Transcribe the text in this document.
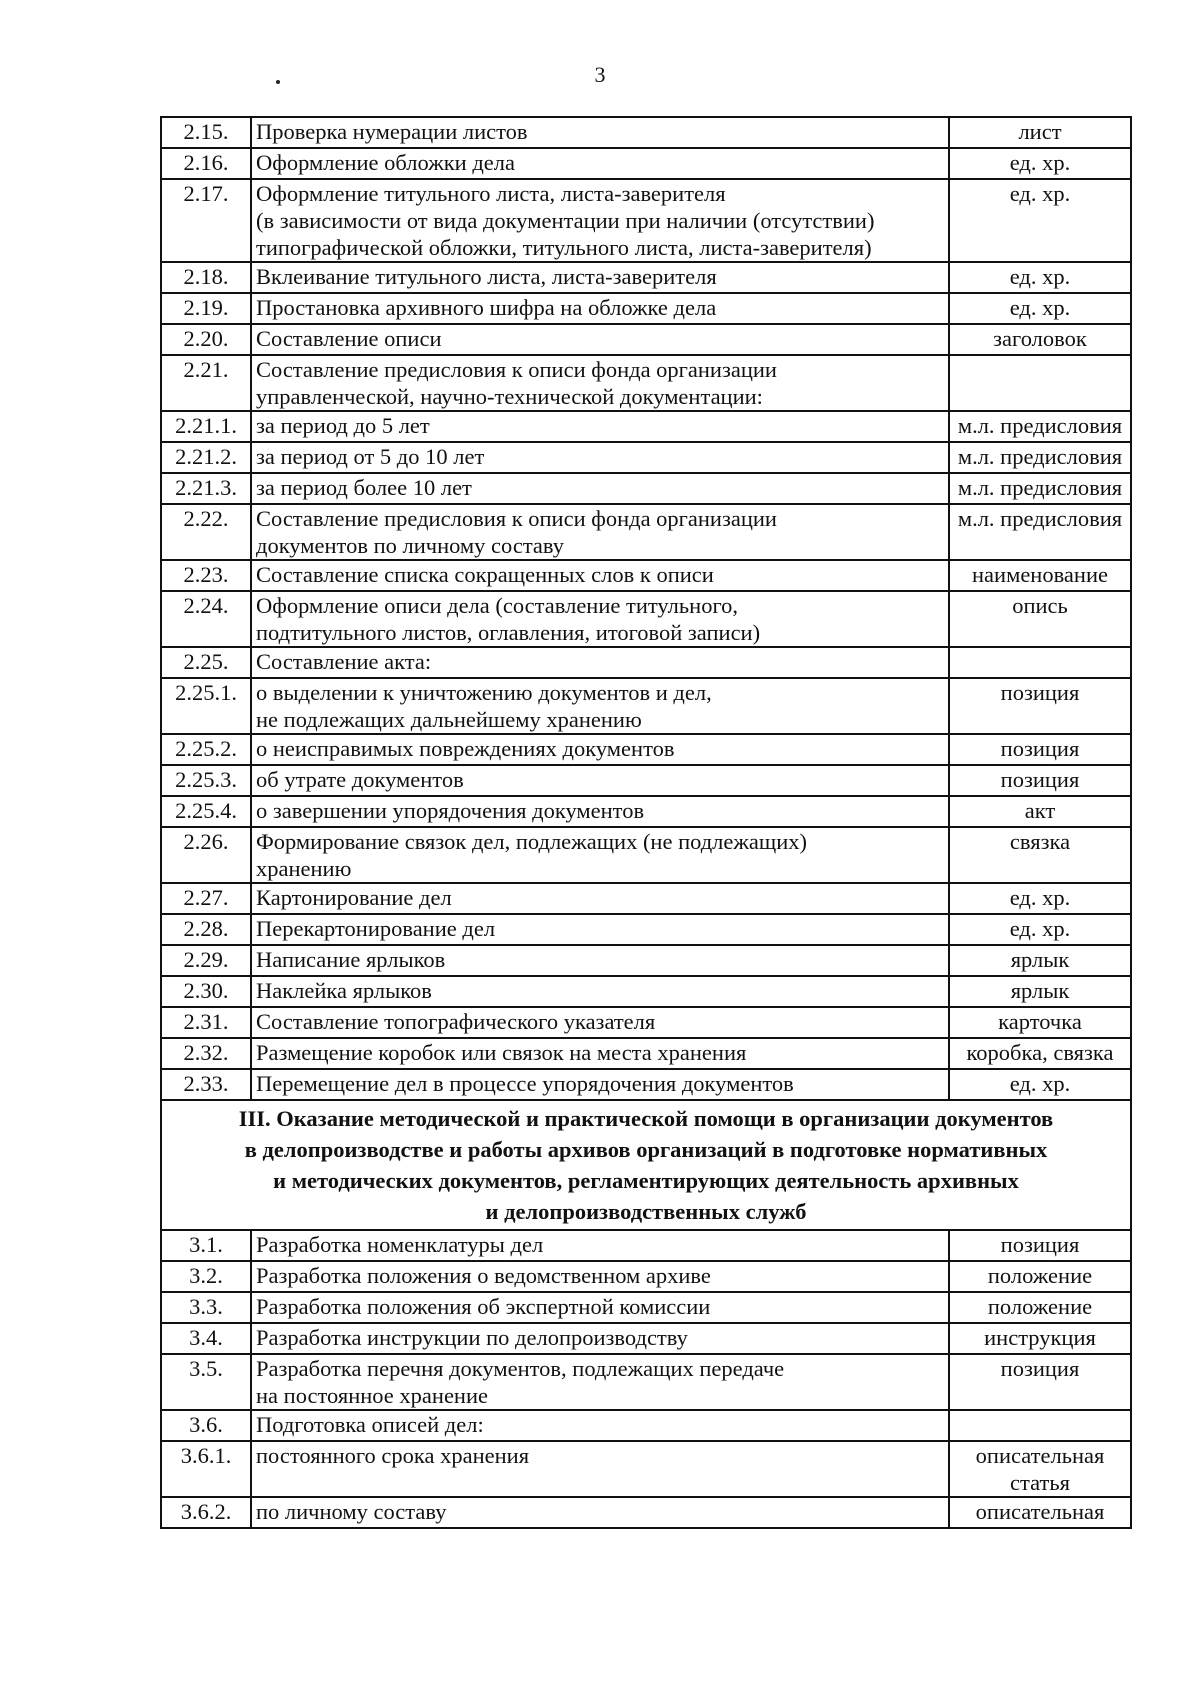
3
2.15.	Проверка нумерации листов	лист
2.16.	Оформление обложки дела	ед. хр.
2.17.	Оформление титульного листа, листа-заверителя
(в зависимости от вида документации при наличии (отсутствии)
типографической обложки, титульного листа, листа-заверителя)	ед. хр.
2.18.	Вклеивание титульного листа, листа-заверителя	ед. хр.
2.19.	Простановка архивного шифра на обложке дела	ед. хр.
2.20.	Составление описи	заголовок
2.21.	Составление предисловия к описи фонда организации
управленческой, научно-технической документации:	

2.21.1.	за период до 5 лет	м.л. предисловия
2.21.2.	за период от 5 до 10 лет	м.л. предисловия
2.21.3.	за период более 10 лет	м.л. предисловия
2.22.	Составление предисловия к описи фонда организации
документов по личному составу	м.л. предисловия
2.23.	Составление списка сокращенных слов к описи	наименование
2.24.	Оформление описи дела (составление титульного,
подтитульного листов, оглавления, итоговой записи)	опись
2.25.	Составление акта:	

2.25.1.	о выделении к уничтожению документов и дел,
не подлежащих дальнейшему хранению	позиция
2.25.2.	о неисправимых повреждениях документов	позиция
2.25.3.	об утрате документов	позиция
2.25.4.	о завершении упорядочения документов	акт
2.26.	Формирование связок дел, подлежащих (не подлежащих)
хранению	связка
2.27.	Картонирование дел	ед. хр.
2.28.	Перекартонирование дел	ед. хр.
2.29.	Написание ярлыков	ярлык
2.30.	Наклейка ярлыков	ярлык
2.31.	Составление топографического указателя	карточка
2.32.	Размещение коробок или связок на места хранения	коробка, связка
2.33.	Перемещение дел в процессе упорядочения документов	ед. хр.

III. Оказание методической и практической помощи в организации документов
в делопроизводстве и работы архивов организаций в подготовке нормативных
и методических документов, регламентирующих деятельность архивных
и делопроизводственных служб		

3.1.	Разработка номенклатуры дел	позиция
3.2.	Разработка положения о ведомственном архиве	положение
3.3.	Разработка положения об экспертной комиссии	положение
3.4.	Разработка инструкции по делопроизводству	инструкция
3.5.	Разработка перечня документов, подлежащих передаче
на постоянное хранение	позиция
3.6.	Подготовка описей дел:	

3.6.1.	постоянного срока хранения	описательная статья
3.6.2.	по личному составу	описательная
